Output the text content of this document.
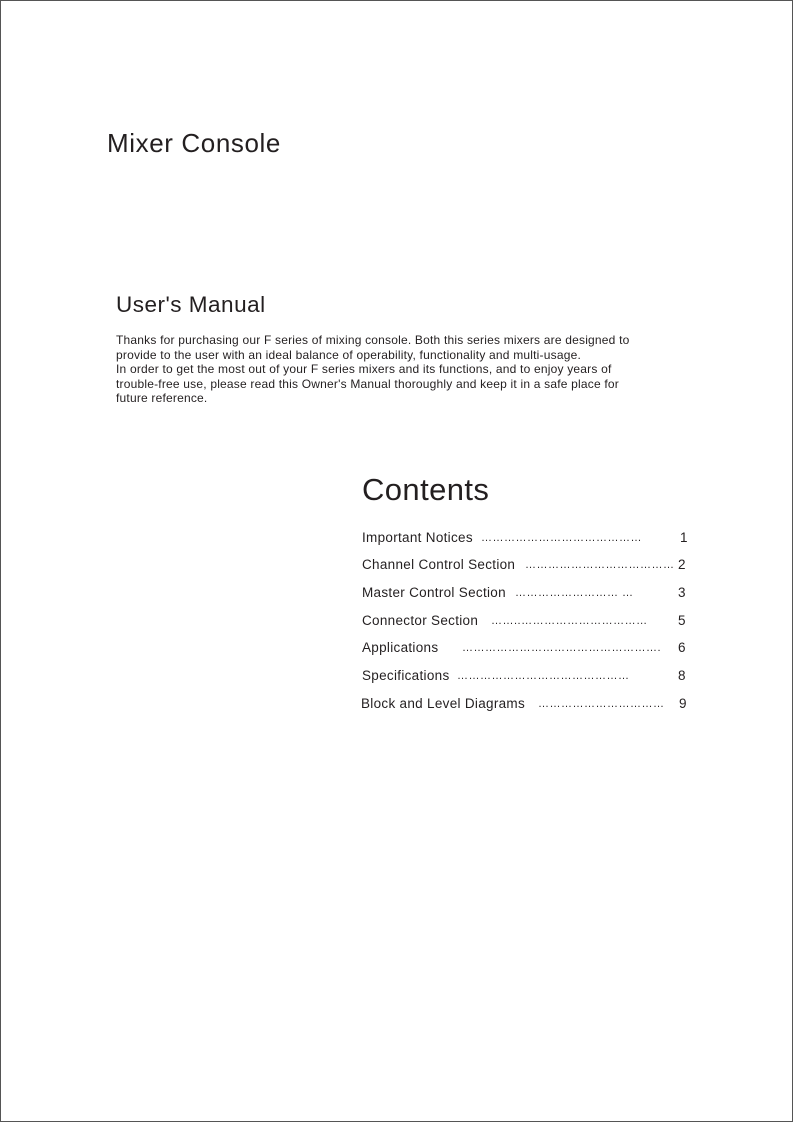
Mixer Console
User's Manual

Thanks for purchasing our F series of mixing console. Both this series mixers are designed to

provide to the user with an ideal balance of operability, functionality and multi-usage.

In order to get the most out of your F series mixers and its functions, and to enjoy years of

trouble-free use, please read this Owner's Manual thoroughly and keep it in a safe place for

future reference.

Contents
Important Notices ……………………………………	1
Channel Control Section ………………………………… 2
Master Control Section ……………………… …	3
Connector Section ……..……………………………	5
Applications …………………………………………….	6
Specifications ………………………………………	8
Block and Level Diagrams ……………………………	9
